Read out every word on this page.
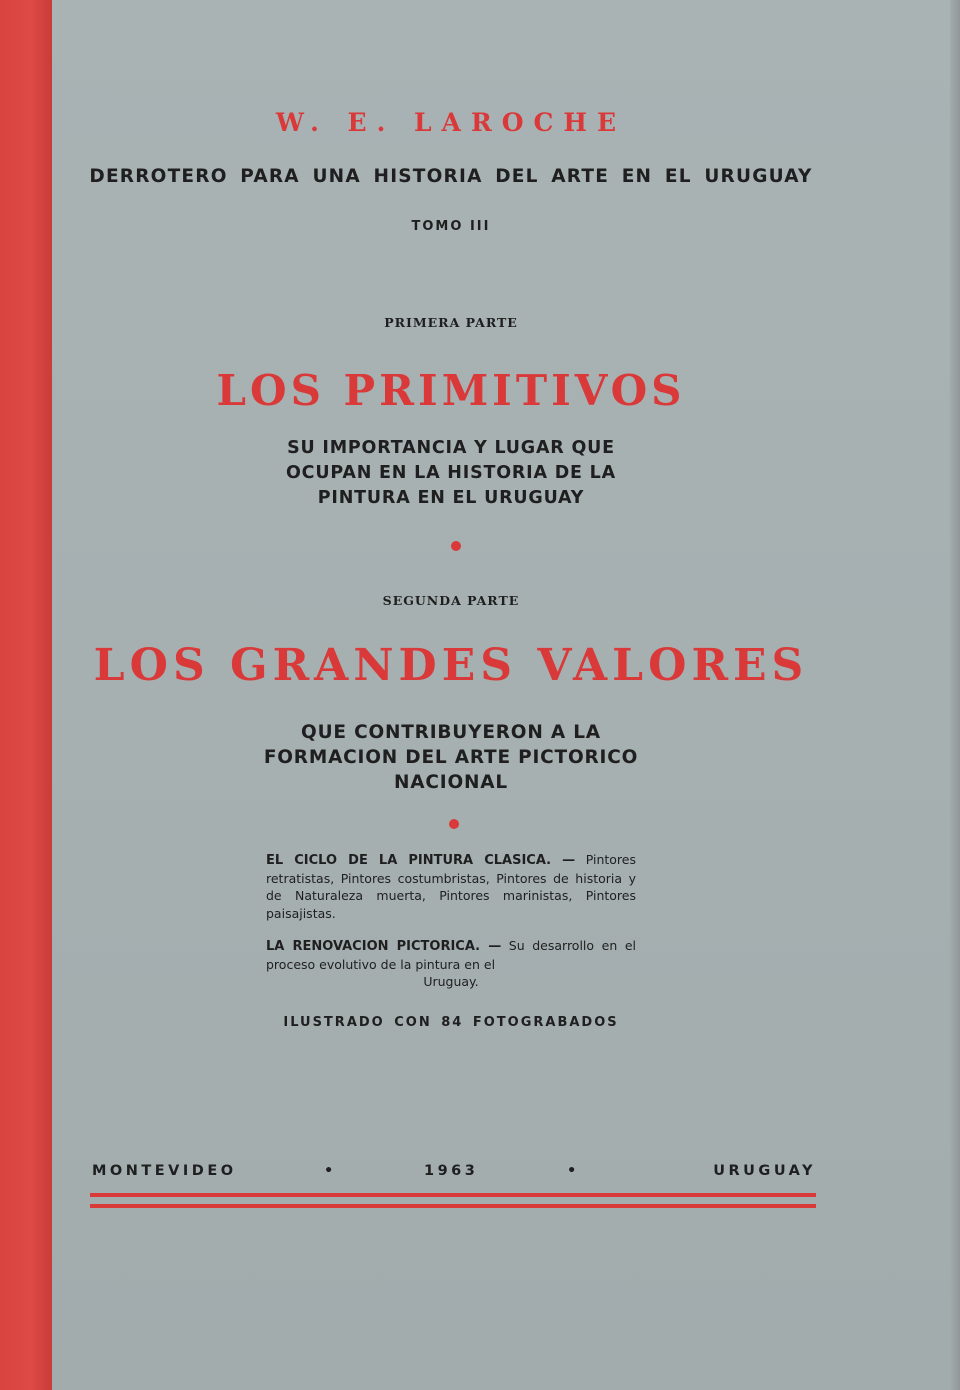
W. E. LAROCHE

DERROTERO PARA UNA HISTORIA DEL ARTE EN EL URUGUAY

TOMO III

PRIMERA PARTE

LOS PRIMITIVOS

SU IMPORTANCIA Y LUGAR QUE
OCUPAN EN LA HISTORIA DE LA
PINTURA EN EL URUGUAY

SEGUNDA PARTE

LOS GRANDES VALORES

QUE CONTRIBUYERON A LA
FORMACION DEL ARTE PICTORICO
NACIONAL
EL CICLO DE LA PINTURA CLASICA. — Pintores retratistas, Pintores costumbristas, Pintores de historia y de Naturaleza muerta, Pintores marinistas, Pintores paisajistas.
LA RENOVACION PICTORICA. — Su desarrollo en el proceso evolutivo de la pintura en el
Uruguay.

ILUSTRADO CON 84 FOTOGRABADOS

MONTEVIDEO	•	1963	•	URUGUAY
